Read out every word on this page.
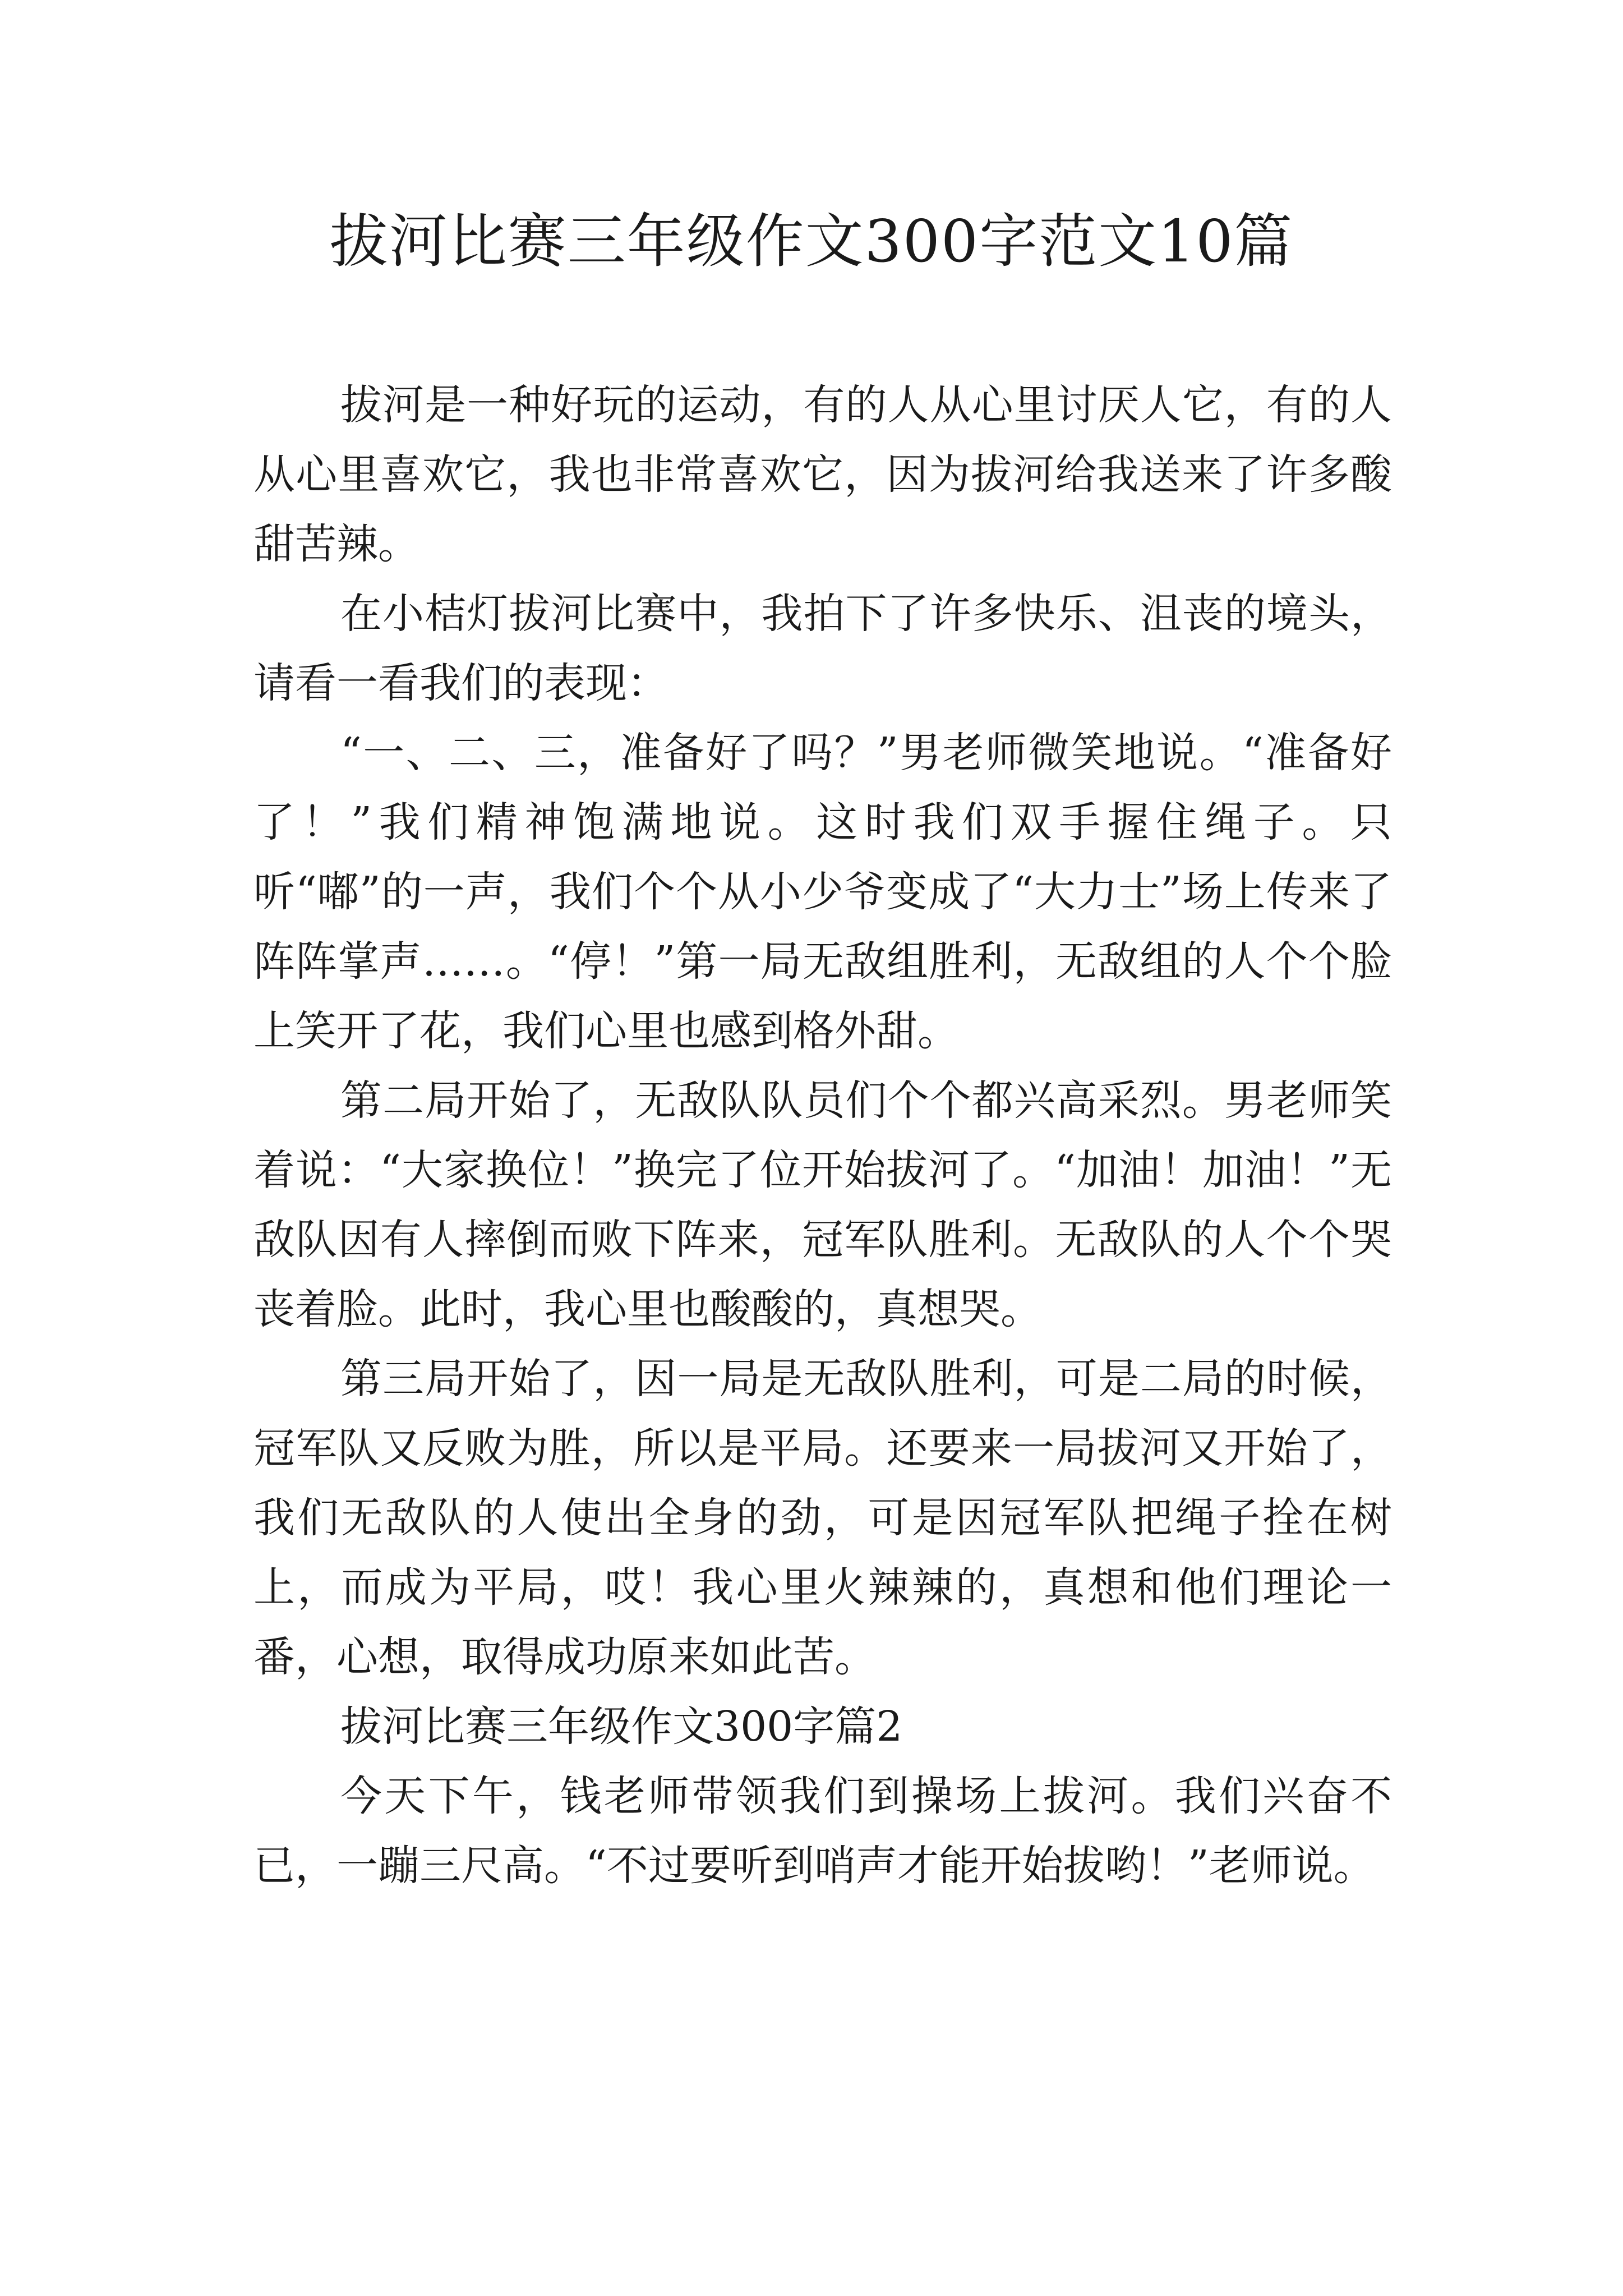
拔河比赛三年级作文300字范文10篇

拔河是一种好玩的运动，有的人从心里讨厌人它，有的人从心里喜欢它，我也非常喜欢它，因为拔河给我送来了许多酸甜苦辣。

在小桔灯拔河比赛中，我拍下了许多快乐、沮丧的境头，请看一看我们的表现：

“一、二、三，准备好了吗？”男老师微笑地说。“准备好了！”我们精神饱满地说。这时我们双手握住绳子。只听“嘟”的一声，我们个个从小少爷变成了“大力士”场上传来了阵阵掌声……。“停！”第一局无敌组胜利，无敌组的人个个脸上笑开了花，我们心里也感到格外甜。

第二局开始了，无敌队队员们个个都兴高采烈。男老师笑着说：“大家换位！”换完了位开始拔河了。“加油！加油！”无敌队因有人摔倒而败下阵来，冠军队胜利。无敌队的人个个哭丧着脸。此时，我心里也酸酸的，真想哭。

第三局开始了，因一局是无敌队胜利，可是二局的时候，冠军队又反败为胜，所以是平局。还要来一局拔河又开始了，我们无敌队的人使出全身的劲，可是因冠军队把绳子拴在树上，而成为平局，哎！我心里火辣辣的，真想和他们理论一番，心想，取得成功原来如此苦。

拔河比赛三年级作文300字篇2

今天下午，钱老师带领我们到操场上拔河。我们兴奋不已，一蹦三尺高。“不过要听到哨声才能开始拔哟！”老师说。
